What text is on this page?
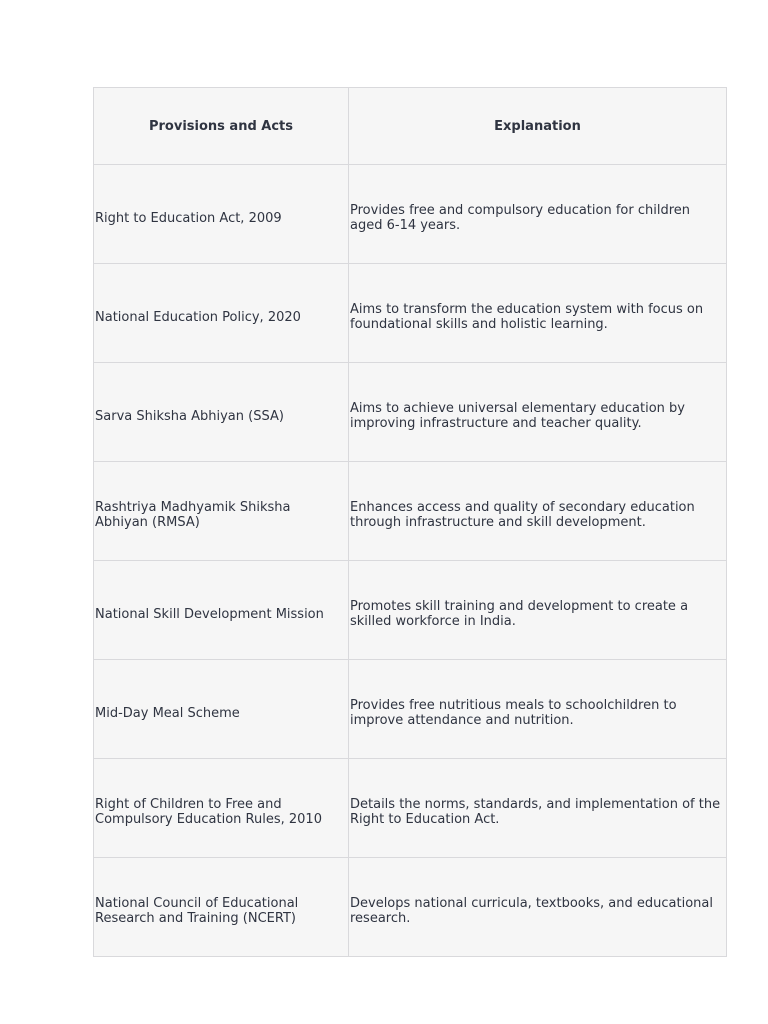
Provisions and Acts	Explanation
Right to Education Act, 2009	Provides free and compulsory education for children aged 6-14 years.
National Education Policy, 2020	Aims to transform the education system with focus on foundational skills and holistic learning.
Sarva Shiksha Abhiyan (SSA)	Aims to achieve universal elementary education by improving infrastructure and teacher quality.
Rashtriya Madhyamik Shiksha Abhiyan (RMSA)	Enhances access and quality of secondary education through infrastructure and skill development.
National Skill Development Mission	Promotes skill training and development to create a skilled workforce in India.
Mid-Day Meal Scheme	Provides free nutritious meals to schoolchildren to improve attendance and nutrition.
Right of Children to Free and Compulsory Education Rules, 2010	Details the norms, standards, and implementation of the Right to Education Act.
National Council of Educational Research and Training (NCERT)	Develops national curricula, textbooks, and educational research.
